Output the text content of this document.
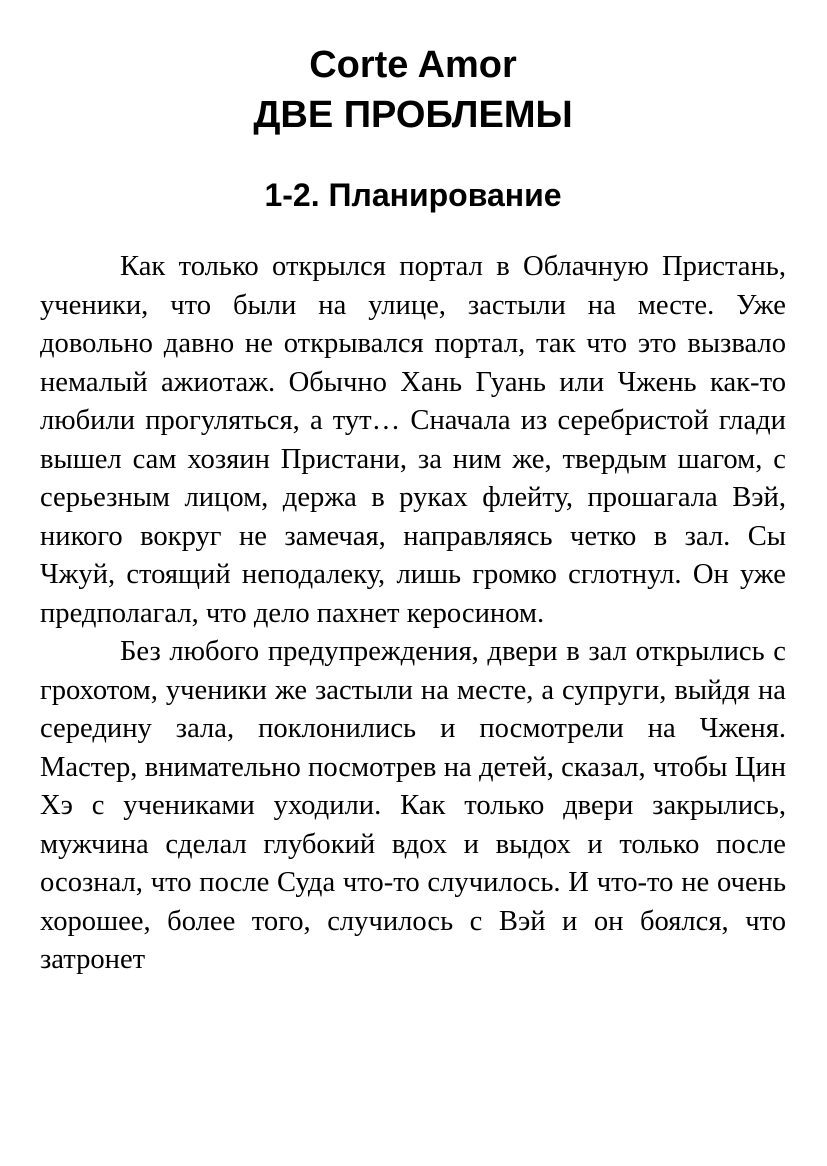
Corte Amor
ДВЕ ПРОБЛЕМЫ
1-2. Планирование

Как только открылся портал в Облачную Пристань, ученики, что были на улице, застыли на месте. Уже довольно давно не открывался портал, так что это вызвало немалый ажиотаж. Обычно Хань Гуань или Чжень как-то любили прогуляться, а тут… Сначала из серебристой глади вышел сам хозяин Пристани, за ним же, твердым шагом, с серьезным лицом, держа в руках флейту, прошагала Вэй, никого вокруг не замечая, направляясь четко в зал. Сы Чжуй, стоящий неподалеку, лишь громко сглотнул. Он уже предполагал, что дело пахнет керосином.

Без любого предупреждения, двери в зал открылись с грохотом, ученики же застыли на месте, а супруги, выйдя на середину зала, поклонились и посмотрели на Чженя. Мастер, внимательно посмотрев на детей, сказал, чтобы Цин Хэ с учениками уходили. Как только двери закрылись, мужчина сделал глубокий вдох и выдох и только после осознал, что после Суда что-то случилось. И что-то не очень хорошее, более того, случилось с Вэй и он боялся, что затронет
